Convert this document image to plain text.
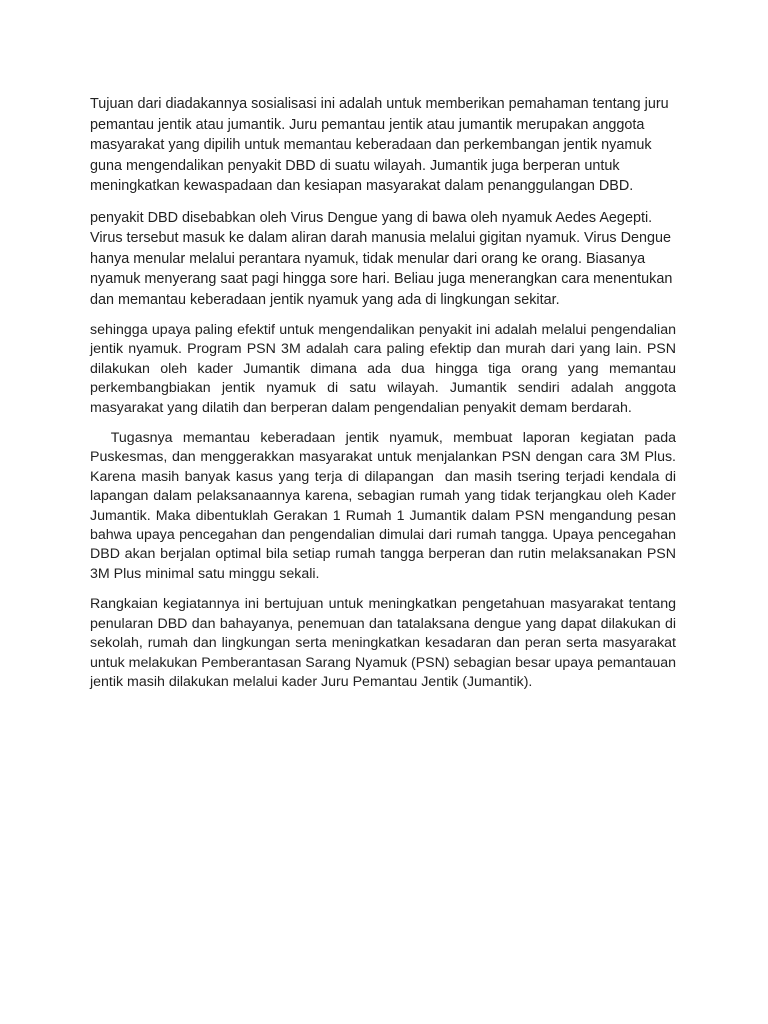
Tujuan dari diadakannya sosialisasi ini adalah untuk memberikan pemahaman tentang juru pemantau jentik atau jumantik. Juru pemantau jentik atau jumantik merupakan anggota masyarakat yang dipilih untuk memantau keberadaan dan perkembangan jentik nyamuk guna mengendalikan penyakit DBD di suatu wilayah. Jumantik juga berperan untuk meningkatkan kewaspadaan dan kesiapan masyarakat dalam penanggulangan DBD.

penyakit DBD disebabkan oleh Virus Dengue yang di bawa oleh nyamuk Aedes Aegepti. Virus tersebut masuk ke dalam aliran darah manusia melalui gigitan nyamuk. Virus Dengue hanya menular melalui perantara nyamuk, tidak menular dari orang ke orang. Biasanya nyamuk menyerang saat pagi hingga sore hari. Beliau juga menerangkan cara menentukan dan memantau keberadaan jentik nyamuk yang ada di lingkungan sekitar.

sehingga upaya paling efektif untuk mengendalikan penyakit ini adalah melalui pengendalian jentik nyamuk. Program PSN 3M adalah cara paling efektip dan murah dari yang lain. PSN dilakukan oleh kader Jumantik dimana ada dua hingga tiga orang yang memantau perkembangbiakan jentik nyamuk di satu wilayah. Jumantik sendiri adalah anggota masyarakat yang dilatih dan berperan dalam pengendalian penyakit demam berdarah.

Tugasnya memantau keberadaan jentik nyamuk, membuat laporan kegiatan pada Puskesmas, dan menggerakkan masyarakat untuk menjalankan PSN dengan cara 3M Plus. Karena masih banyak kasus yang terja di dilapangan  dan masih tsering terjadi kendala di lapangan dalam pelaksanaannya karena, sebagian rumah yang tidak terjangkau oleh Kader Jumantik. Maka dibentuklah Gerakan 1 Rumah 1 Jumantik dalam PSN mengandung pesan bahwa upaya pencegahan dan pengendalian dimulai dari rumah tangga. Upaya pencegahan DBD akan berjalan optimal bila setiap rumah tangga berperan dan rutin melaksanakan PSN 3M Plus minimal satu minggu sekali.

Rangkaian kegiatannya ini bertujuan untuk meningkatkan pengetahuan masyarakat tentang penularan DBD dan bahayanya, penemuan dan tatalaksana dengue yang dapat dilakukan di sekolah, rumah dan lingkungan serta meningkatkan kesadaran dan peran serta masyarakat untuk melakukan Pemberantasan Sarang Nyamuk (PSN) sebagian besar upaya pemantauan jentik masih dilakukan melalui kader Juru Pemantau Jentik (Jumantik).
